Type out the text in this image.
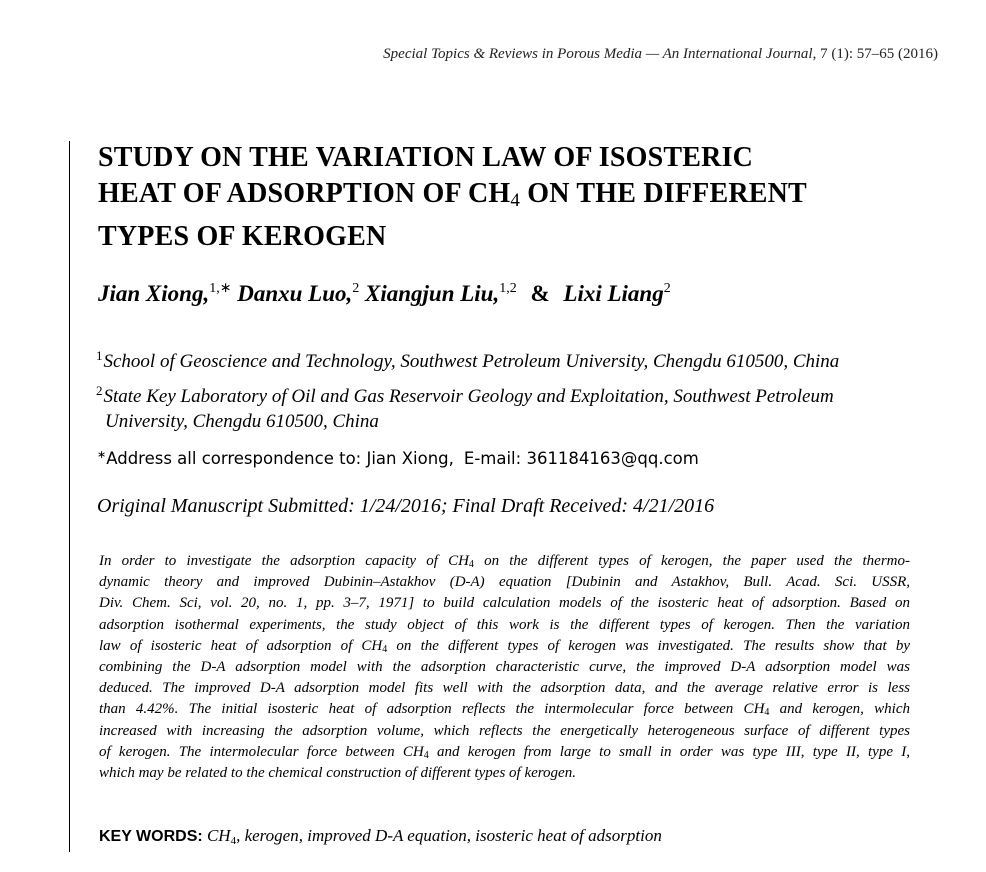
Special Topics & Reviews in Porous Media — An International Journal, 7 (1): 57–65 (2016)
STUDY ON THE VARIATION LAW OF ISOSTERIC
HEAT OF ADSORPTION OF CH4 ON THE DIFFERENT
TYPES OF KEROGEN
Jian Xiong,$^{1,∗}$ Danxu Luo,$^2$ Xiangjun Liu,$^{1,2}$ & Lixi Liang$^2$
$^1$School of Geoscience and Technology, Southwest Petroleum University, Chengdu 610500, China
$^2$State Key Laboratory of Oil and Gas Reservoir Geology and Exploitation, Southwest Petroleum
University, Chengdu 610500, China
∗Address all correspondence to: Jian Xiong, E-mail: 361184163@qq.com
Original Manuscript Submitted: 1/24/2016; Final Draft Received: 4/21/2016
In order to investigate the adsorption capacity of $CH_4$ on the different types of kerogen, the paper used the thermo-
dynamic theory and improved Dubinin–Astakhov (D-A) equation [Dubinin and Astakhov, Bull. Acad. Sci. USSR,
Div. Chem. Sci, vol. 20, no. 1, pp. 3–7, 1971] to build calculation models of the isosteric heat of adsorption. Based on
adsorption isothermal experiments, the study object of this work is the different types of kerogen. Then the variation
law of isosteric heat of adsorption of $CH_4$ on the different types of kerogen was investigated. The results show that by
combining the D-A adsorption model with the adsorption characteristic curve, the improved D-A adsorption model was
deduced. The improved D-A adsorption model fits well with the adsorption data, and the average relative error is less
than 4.42%. The initial isosteric heat of adsorption reflects the intermolecular force between $CH_4$ and kerogen, which
increased with increasing the adsorption volume, which reflects the energetically heterogeneous surface of different types
of kerogen. The intermolecular force between $CH_4$ and kerogen from large to small in order was type III, type II, type I,
which may be related to the chemical construction of different types of kerogen.
KEY WORDS: $CH_4$, kerogen, improved D-A equation, isosteric heat of adsorption
